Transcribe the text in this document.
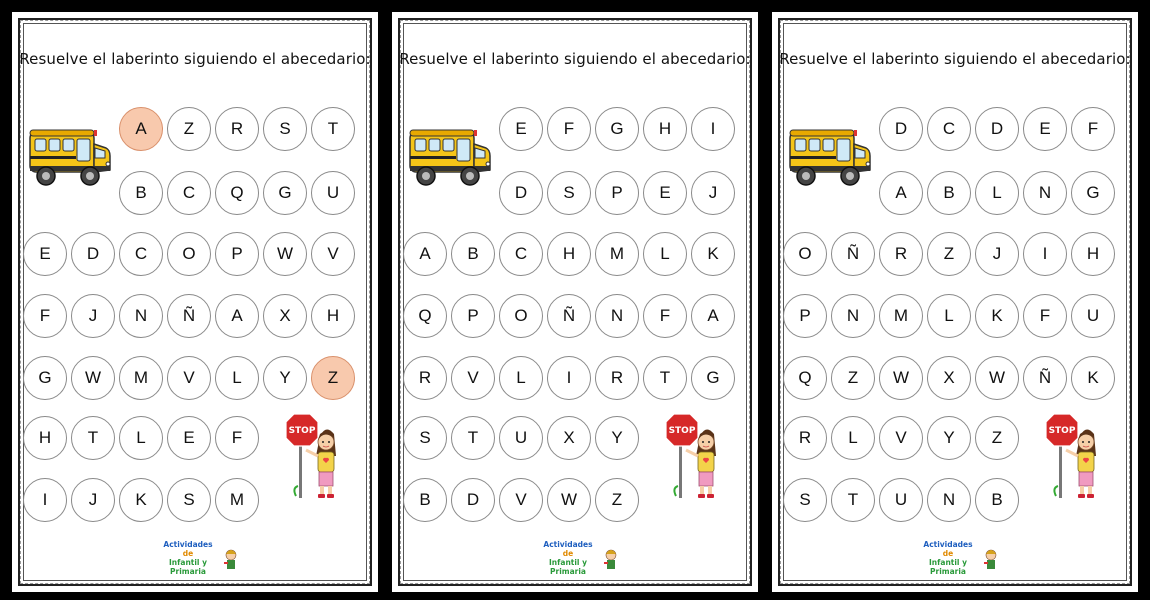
Resuelve el laberinto siguiendo el abecedario:
A	Z	R	S	T
B	C	Q	G	U
E	D	C	O	P	W	V
F	J	N	Ñ	A	X	H
G	W	M	V	L	Y	Z
H	T	L	E	F
I	J	K	S	M
STOP
Actividades
de
Infantil y Primaria
Resuelve el laberinto siguiendo el abecedario:
E	F	G	H	I
D	S	P	E	J
A	B	C	H	M	L	K
Q	P	O	Ñ	N	F	A
R	V	L	I	R	T	G
S	T	U	X	Y
B	D	V	W	Z
STOP
Actividades
de
Infantil y Primaria
Resuelve el laberinto siguiendo el abecedario:
D	C	D	E	F
A	B	L	N	G
O	Ñ	R	Z	J	I	H
P	N	M	L	K	F	U
Q	Z	W	X	W	Ñ	K
R	L	V	Y	Z
S	T	U	N	B
STOP
Actividades
de
Infantil y Primaria
